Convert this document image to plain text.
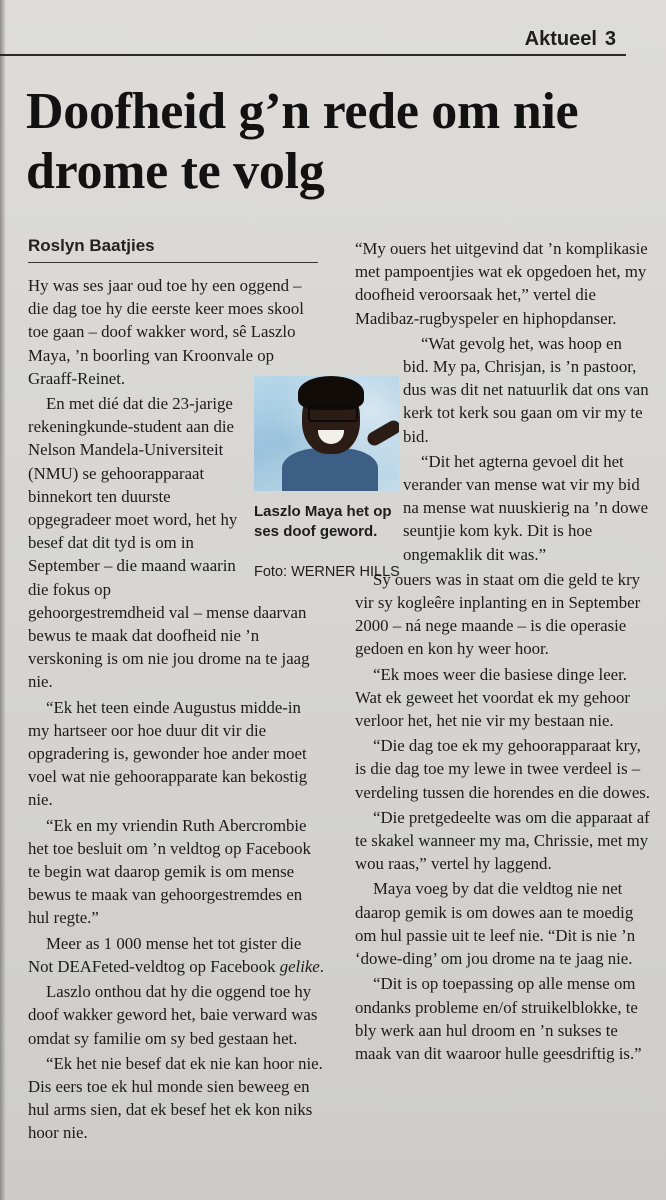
Aktueel 3
Doofheid g’n rede om nie drome te volg
Roslyn Baatjies

Hy was ses jaar oud toe hy een oggend – die dag toe hy die eerste keer moes skool toe gaan – doof wakker word, sê Laszlo Maya, ’n boorling van Kroonvale op Graaff-Reinet.

En met dié dat die 23-jarige rekeningkunde-student aan die Nelson Mandela-Universiteit (NMU) se gehoorapparaat binnekort ten duurste opgegradeer moet word, het hy besef dat dit tyd is om in September – die maand waarin die fokus op gehoorgestremdheid val – mense daarvan bewus te maak dat doofheid nie ’n verskoning is om nie jou drome na te jaag nie.

“Ek het teen einde Augustus midde-in my hartseer oor hoe duur dit vir die opgradering is, gewonder hoe ander moet voel wat nie gehoorapparate kan bekostig nie.

“Ek en my vriendin Ruth Abercrombie het toe besluit om ’n veldtog op Facebook te begin wat daarop gemik is om mense bewus te maak van gehoorgestremdes en hul regte.”

Meer as 1 000 mense het tot gister die Not DEAFeted-veldtog op Facebook gelike.

Laszlo onthou dat hy die oggend toe hy doof wakker geword het, baie verward was omdat sy familie om sy bed gestaan het.

“Ek het nie besef dat ek nie kan hoor nie. Dis eers toe ek hul monde sien beweeg en hul arms sien, dat ek besef het ek kon niks hoor nie.

“My ouers het uitgevind dat ’n komplikasie met pampoentjies wat ek opgedoen het, my doofheid veroorsaak het,” vertel die Madibaz-rugbyspeler en hiphopdanser.

“Wat gevolg het, was hoop en bid. My pa, Chrisjan, is ’n pastoor, dus was dit net natuurlik dat ons van kerk tot kerk sou gaan om vir my te bid.

“Dit het agterna gevoel dit het verander van mense wat vir my bid na mense wat nuuskierig na ’n dowe seuntjie kom kyk. Dit is hoe ongemaklik dit was.”

Sy ouers was in staat om die geld te kry vir sy kogleêre inplanting en in September 2000 – ná nege maande – is die operasie gedoen en kon hy weer hoor.

“Ek moes weer die basiese dinge leer. Wat ek geweet het voordat ek my gehoor verloor het, het nie vir my bestaan nie.

“Die dag toe ek my gehoorapparaat kry, is die dag toe my lewe in twee verdeel is – verdeling tussen die horendes en die dowes.

“Die pretgedeelte was om die apparaat af te skakel wanneer my ma, Chrissie, met my wou raas,” vertel hy laggend.

Maya voeg by dat die veldtog nie net daarop gemik is om dowes aan te moedig om hul passie uit te leef nie. “Dit is nie ’n ‘dowe-ding’ om jou drome na te jaag nie.

“Dit is op toepassing op alle mense om ondanks probleme en/of struikelblokke, te bly werk aan hul droom en ’n sukses te maak van dit waaroor hulle geesdriftig is.”

Laszlo Maya het op ses doof geword.
Foto: WERNER HILLS
